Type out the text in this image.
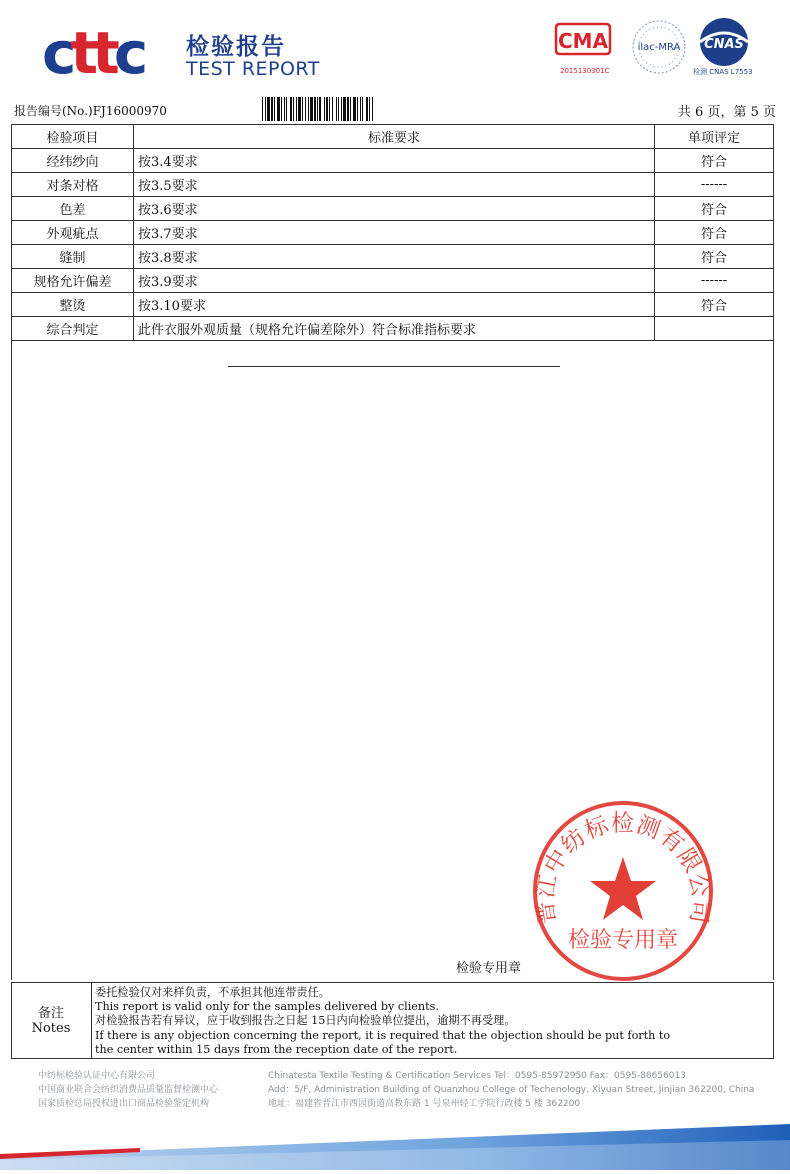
cttc 检验报告
TEST REPORT
CMA
2015130301C
ilac-MRA CNAS
检测 CNAS L7553
报告编号(No.)FJ16000970	共 6 页，第 5 页
检验项目	标准要求	单项评定
经纬纱向	按3.4要求	符合
对条对格	按3.5要求	------
色差	按3.6要求	符合
外观疵点	按3.7要求	符合
缝制	按3.8要求	符合
规格允许偏差	按3.9要求	------
整烫	按3.10要求	符合
综合判定	此件衣服外观质量（规格允许偏差除外）符合标准指标要求	
晋江中纺标检测有限公司
检验专用章
检验专用章
备注
Notes
委托检验仅对来样负责，不承担其他连带责任。
This report is valid only for the samples delivered by clients.
对检验报告若有异议，应于收到报告之日起 15日内向检验单位提出，逾期不再受理。
If there is any objection concerning the report, it is required that the objection should be put forth to
the center within 15 days from the reception date of the report.
中纺标检验认证中心有限公司
中国商业联合会纺织消费品质量监督检测中心
国家质检总局授权进出口商品检验鉴定机构
Chinatesta Textile Testing & Certification Services Tel：0595-85972950 Fax：0595-88656013
Add：5/F, Administration Building of Quanzhou College of Techenology, Xiyuan Street, Jinjian 362200, China
地址：福建省晋江市西园街道高教东路 1 号泉州轻工学院行政楼 5 楼 362200
